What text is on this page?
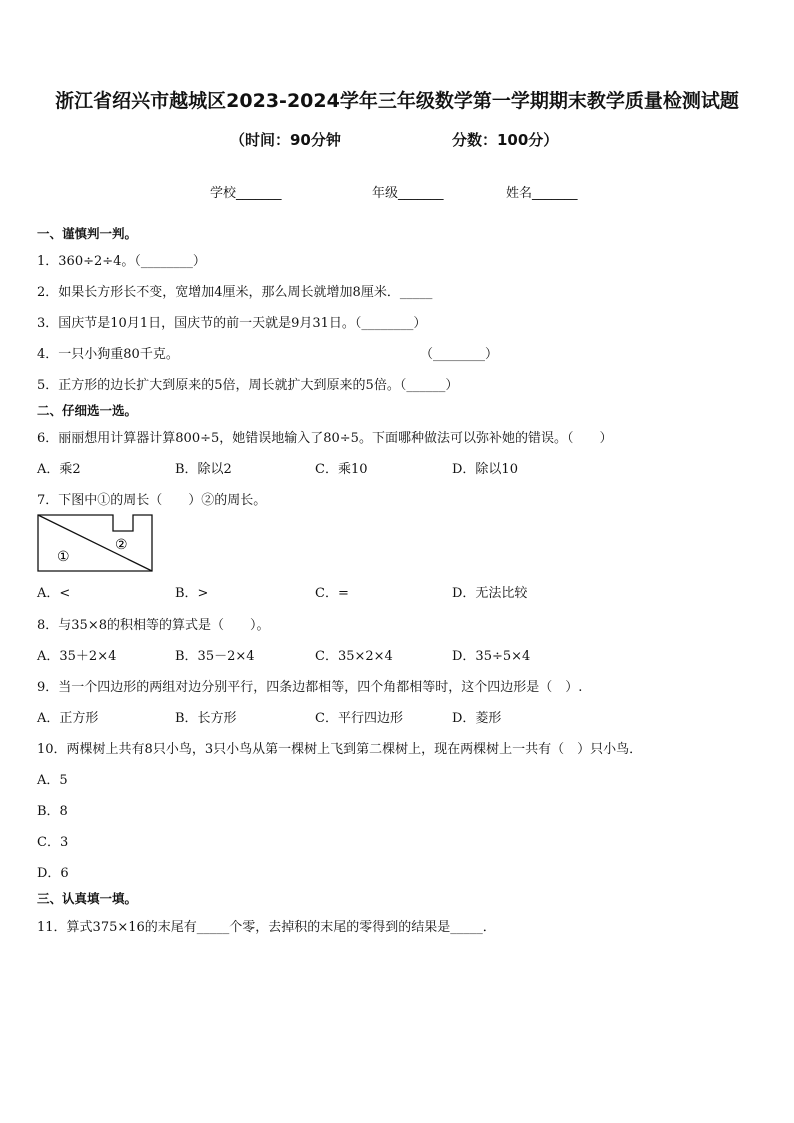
浙江省绍兴市越城区2023-2024学年三年级数学第一学期期末教学质量检测试题
（时间：90分钟	分数：100分）
学校_______	年级_______	姓名_______
一、谨慎判一判。
1．360÷2÷4。（________）
2．如果长方形长不变，宽增加4厘米，那么周长就增加8厘米．_____
3．国庆节是10月1日，国庆节的前一天就是9月31日。（________）
4．一只小狗重80千克。	（________）
5．正方形的边长扩大到原来的5倍，周长就扩大到原来的5倍。（______）
二、仔细选一选。
6．丽丽想用计算器计算800÷5，她错误地输入了80÷5。下面哪种做法可以弥补她的错误。（　　）
A．乘2	B．除以2	C．乘10	D．除以10
7．下图中①的周长（　　）②的周长。
①
②
A．<	B．>	C．=	D．无法比较
8．与35×8的积相等的算式是（　　）。
A．35＋2×4	B．35－2×4	C．35×2×4	D．35÷5×4
9．当一个四边形的两组对边分别平行，四条边都相等，四个角都相等时，这个四边形是（　）.
A．正方形	B．长方形	C．平行四边形	D．菱形
10．两棵树上共有8只小鸟，3只小鸟从第一棵树上飞到第二棵树上，现在两棵树上一共有（　）只小鸟．
A．5
B．8
C．3
D．6
三、认真填一填。
11．算式375×16的末尾有_____个零，去掉积的末尾的零得到的结果是_____．
